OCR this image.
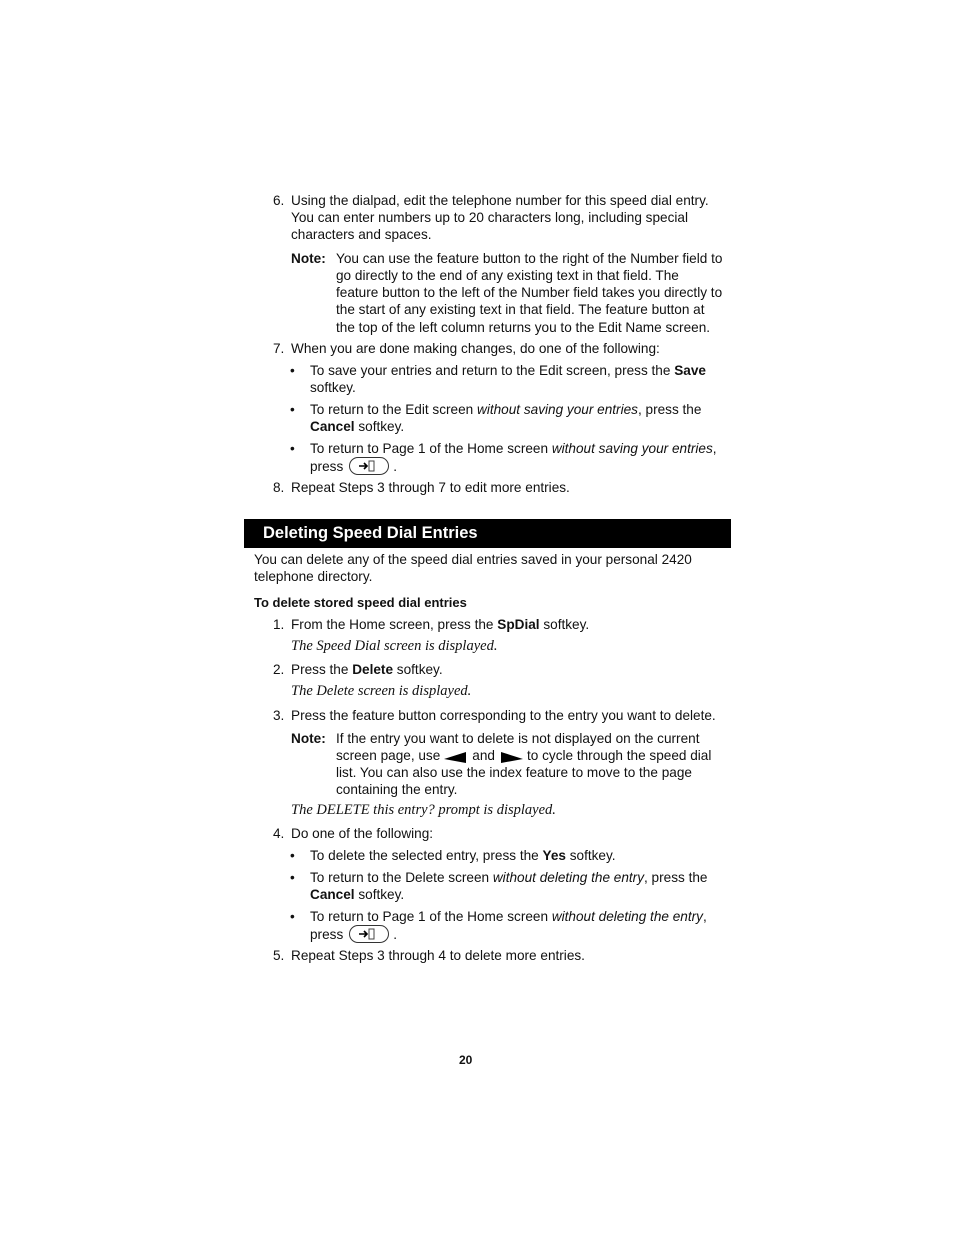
6. Using the dialpad, edit the telephone number for this speed dial entry.
You can enter numbers up to 20 characters long, including special
characters and spaces.
Note: You can use the feature button to the right of the Number field to
go directly to the end of any existing text in that field. The
feature button to the left of the Number field takes you directly to
the start of any existing text in that field. The feature button at
the top of the left column returns you to the Edit Name screen.
7. When you are done making changes, do one of the following:
• To save your entries and return to the Edit screen, press the Save
softkey.
• To return to the Edit screen without saving your entries, press the
Cancel softkey.
• To return to Page 1 of the Home screen without saving your entries,
press	.
8. Repeat Steps 3 through 7 to edit more entries.
Deleting Speed Dial Entries
You can delete any of the speed dial entries saved in your personal 2420
telephone directory.
To delete stored speed dial entries
1. From the Home screen, press the SpDial softkey.
The Speed Dial screen is displayed.
2. Press the Delete softkey.
The Delete screen is displayed.
3. Press the feature button corresponding to the entry you want to delete.
Note: If the entry you want to delete is not displayed on the current
screen page, use and to cycle through the speed dial
list. You can also use the index feature to move to the page
containing the entry.
The DELETE this entry? prompt is displayed.
4. Do one of the following:
• To delete the selected entry, press the Yes softkey.
• To return to the Delete screen without deleting the entry, press the
Cancel softkey.
• To return to Page 1 of the Home screen without deleting the entry,
press	.
5. Repeat Steps 3 through 4 to delete more entries.
20
